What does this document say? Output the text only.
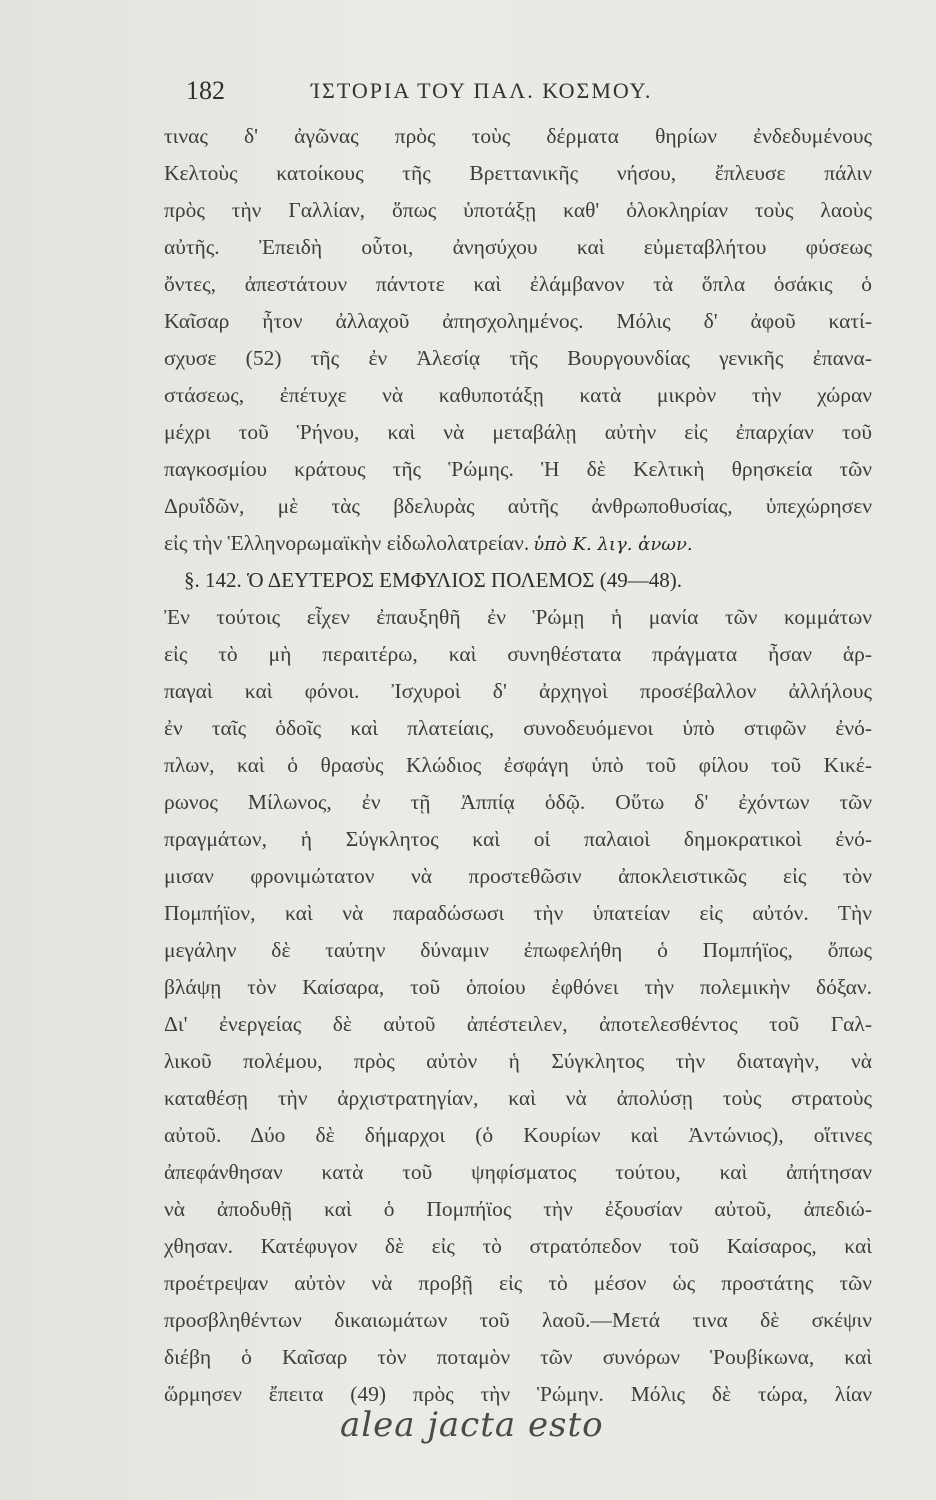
182	ΊΣΤΟΡΙΑ ΤΟΥ ΠΑΛ. ΚΟΣΜΟΥ.
τινας δ' ἀγῶνας πρὸς τοὺς δέρματα θηρίων ἐνδεδυμένους
Κελτοὺς κατοίκους τῆς Βρεττανικῆς νήσου, ἔπλευσε πάλιν
πρὸς τὴν Γαλλίαν, ὅπως ὑποτάξῃ καθ' ὁλοκληρίαν τοὺς λαοὺς
αὐτῆς. Ἐπειδὴ οὗτοι, ἀνησύχου καὶ εὐμεταβλήτου φύσεως
ὄντες, ἀπεστάτουν πάντοτε καὶ ἐλάμβανον τὰ ὅπλα ὁσάκις ὁ
Καῖσαρ ἦτον ἀλλαχοῦ ἀπησχολημένος. Μόλις δ' ἀφοῦ κατί-
σχυσε (52) τῆς ἐν Ἀλεσίᾳ τῆς Βουργουνδίας γενικῆς ἐπανα-
στάσεως, ἐπέτυχε νὰ καθυποτάξῃ κατὰ μικρὸν τὴν χώραν
μέχρι τοῦ Ῥήνου, καὶ νὰ μεταβάλῃ αὐτὴν εἰς ἐπαρχίαν τοῦ
παγκοσμίου κράτους τῆς Ῥώμης. Ἡ δὲ Κελτικὴ θρησκεία τῶν
Δρυΐδῶν, μὲ τὰς βδελυρὰς αὐτῆς ἀνθρωποθυσίας, ὑπεχώρησεν
εἰς τὴν Ἑλληνορωμαϊκὴν εἰδωλολατρείαν. ὑπὸ Κ. λιγ. ἀνων.
§. 142. Ὁ ΔΕΥΤΕΡΟΣ ΕΜΦΥΛΙΟΣ ΠΟΛΕΜΟΣ (49—48).
Ἐν τούτοις εἶχεν ἐπαυξηθῆ ἐν Ῥώμῃ ἡ μανία τῶν κομμάτων
εἰς τὸ μὴ περαιτέρω, καὶ συνηθέστατα πράγματα ἦσαν ἁρ-
παγαὶ καὶ φόνοι. Ἰσχυροὶ δ' ἀρχηγοὶ προσέβαλλον ἀλλήλους
ἐν ταῖς ὁδοῖς καὶ πλατείαις, συνοδευόμενοι ὑπὸ στιφῶν ἐνό-
πλων, καὶ ὁ θρασὺς Κλώδιος ἐσφάγη ὑπὸ τοῦ φίλου τοῦ Κικέ-
ρωνος Μίλωνος, ἐν τῇ Ἀππίᾳ ὁδῷ. Οὕτω δ' ἐχόντων τῶν
πραγμάτων, ἡ Σύγκλητος καὶ οἱ παλαιοὶ δημοκρατικοὶ ἐνό-
μισαν φρονιμώτατον νὰ προστεθῶσιν ἀποκλειστικῶς εἰς τὸν
Πομπήϊον, καὶ νὰ παραδώσωσι τὴν ὑπατείαν εἰς αὐτόν. Τὴν
μεγάλην δὲ ταύτην δύναμιν ἐπωφελήθη ὁ Πομπήϊος, ὅπως
βλάψῃ τὸν Καίσαρα, τοῦ ὁποίου ἐφθόνει τὴν πολεμικὴν δόξαν.
Δι' ἐνεργείας δὲ αὐτοῦ ἀπέστειλεν, ἀποτελεσθέντος τοῦ Γαλ-
λικοῦ πολέμου, πρὸς αὐτὸν ἡ Σύγκλητος τὴν διαταγὴν, νὰ
καταθέσῃ τὴν ἀρχιστρατηγίαν, καὶ νὰ ἀπολύσῃ τοὺς στρατοὺς
αὐτοῦ. Δύο δὲ δήμαρχοι (ὁ Κουρίων καὶ Ἀντώνιος), οἵτινες
ἀπεφάνθησαν κατὰ τοῦ ψηφίσματος τούτου, καὶ ἀπήτησαν
νὰ ἀποδυθῇ καὶ ὁ Πομπήϊος τὴν ἐξουσίαν αὐτοῦ, ἀπεδιώ-
χθησαν. Κατέφυγον δὲ εἰς τὸ στρατόπεδον τοῦ Καίσαρος, καὶ
προέτρεψαν αὐτὸν νὰ προβῇ εἰς τὸ μέσον ὡς προστάτης τῶν
προσβληθέντων δικαιωμάτων τοῦ λαοῦ.—Μετά τινα δὲ σκέψιν
διέβη ὁ Καῖσαρ τὸν ποταμὸν τῶν συνόρων Ῥουβίκωνα, καὶ
ὥρμησεν ἔπειτα (49) πρὸς τὴν Ῥώμην. Μόλις δὲ τώρα, λίαν
alea jacta esto
